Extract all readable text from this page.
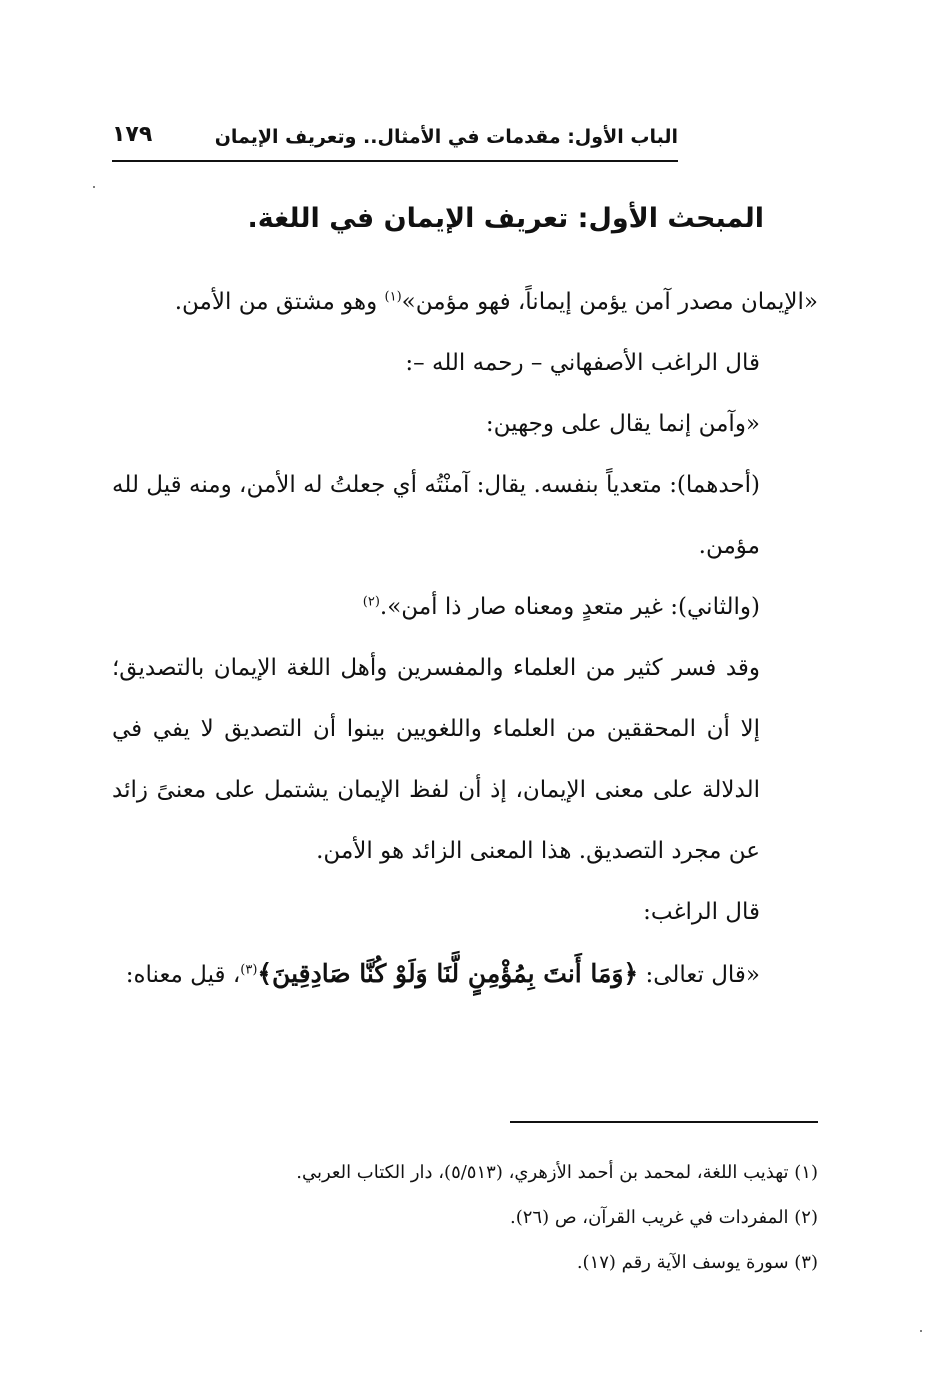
الباب الأول: مقدمات في الأمثال.. وتعريف الإيمان
١٧٩
المبحث الأول: تعريف الإيمان في اللغة.

«الإيمان مصدر آمن يؤمن إيماناً، فهو مؤمن»$^{(١)}$ وهو مشتق من الأمن.

قال الراغب الأصفهاني – رحمه الله –:

«وآمن إنما يقال على وجهين:

(أحدهما): متعدياً بنفسه. يقال: آمنْتُه أي جعلتُ له الأمن، ومنه قيل لله مؤمن.

(والثاني): غير متعدٍ ومعناه صار ذا أمن».$^{(٢)}$

وقد فسر كثير من العلماء والمفسرين وأهل اللغة الإيمان بالتصديق؛ إلا أن المحققين من العلماء واللغويين بينوا أن التصديق لا يفي في الدلالة على معنى الإيمان، إذ أن لفظ الإيمان يشتمل على معنىً زائد عن مجرد التصديق. هذا المعنى الزائد هو الأمن.

قال الراغب:

«قال تعالى: ﴿وَمَا أَنتَ بِمُؤْمِنٍ لَّنَا وَلَوْ كُنَّا صَادِقِينَ﴾$^{(٣)}$، قيل معناه:

(١) تهذيب اللغة، لمحمد بن أحمد الأزهري، (٥/٥١٣)، دار الكتاب العربي.

(٢) المفردات في غريب القرآن، ص (٢٦).

(٣) سورة يوسف الآية رقم (١٧).
